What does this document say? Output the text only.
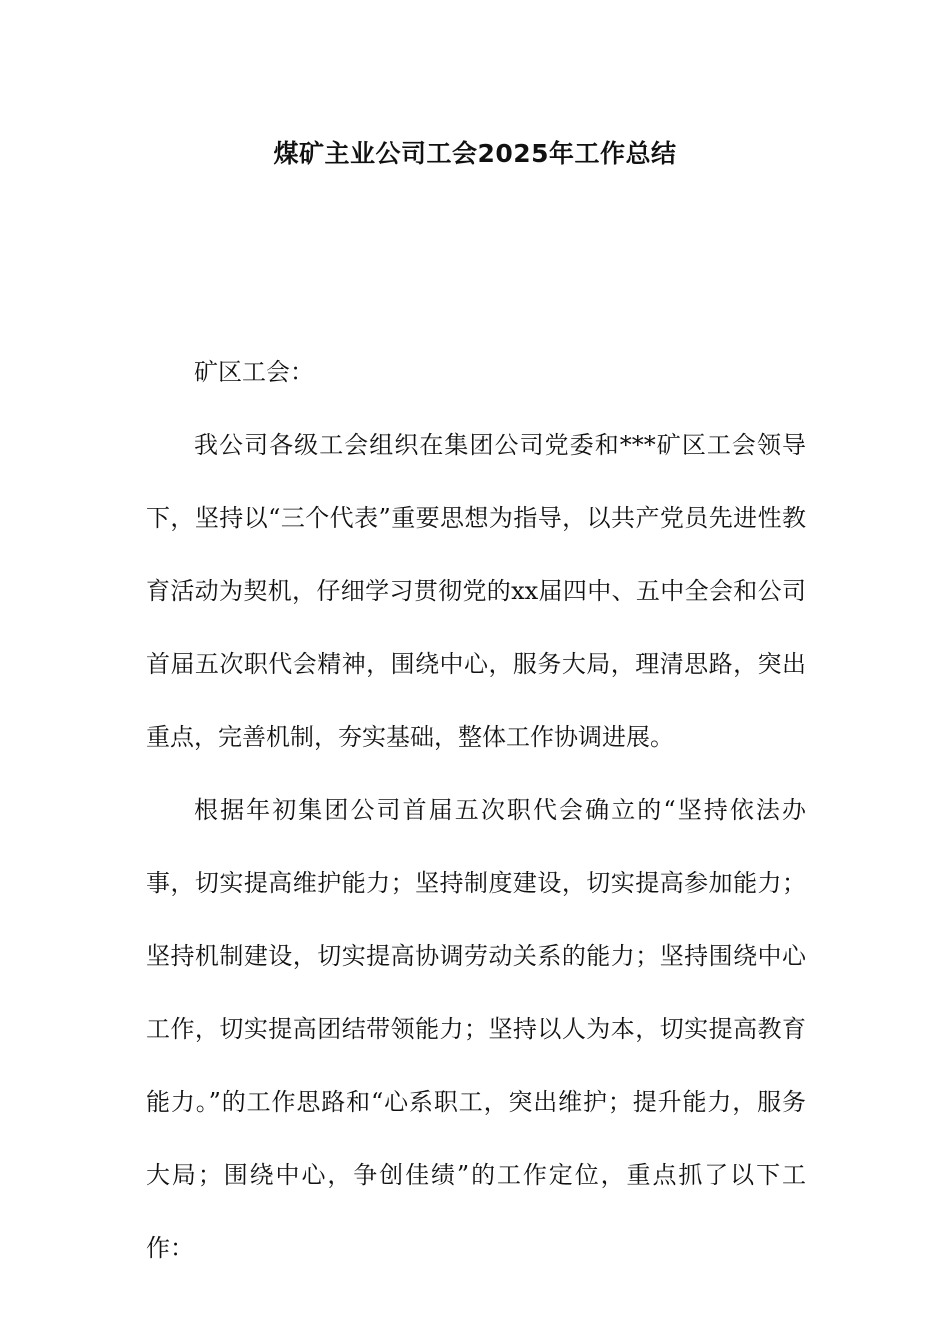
煤矿主业公司工会2025年工作总结

矿区工会：

我公司各级工会组织在集团公司党委和***矿区工会领导下，坚持以“三个代表”重要思想为指导，以共产党员先进性教育活动为契机，仔细学习贯彻党的xx届四中、五中全会和公司首届五次职代会精神，围绕中心，服务大局，理清思路，突出重点，完善机制，夯实基础，整体工作协调进展。

根据年初集团公司首届五次职代会确立的“坚持依法办事，切实提高维护能力；坚持制度建设，切实提高参加能力；坚持机制建设，切实提高协调劳动关系的能力；坚持围绕中心工作，切实提高团结带领能力；坚持以人为本，切实提高教育能力。”的工作思路和“心系职工，突出维护；提升能力，服务大局；围绕中心，争创佳绩”的工作定位，重点抓了以下工作：
